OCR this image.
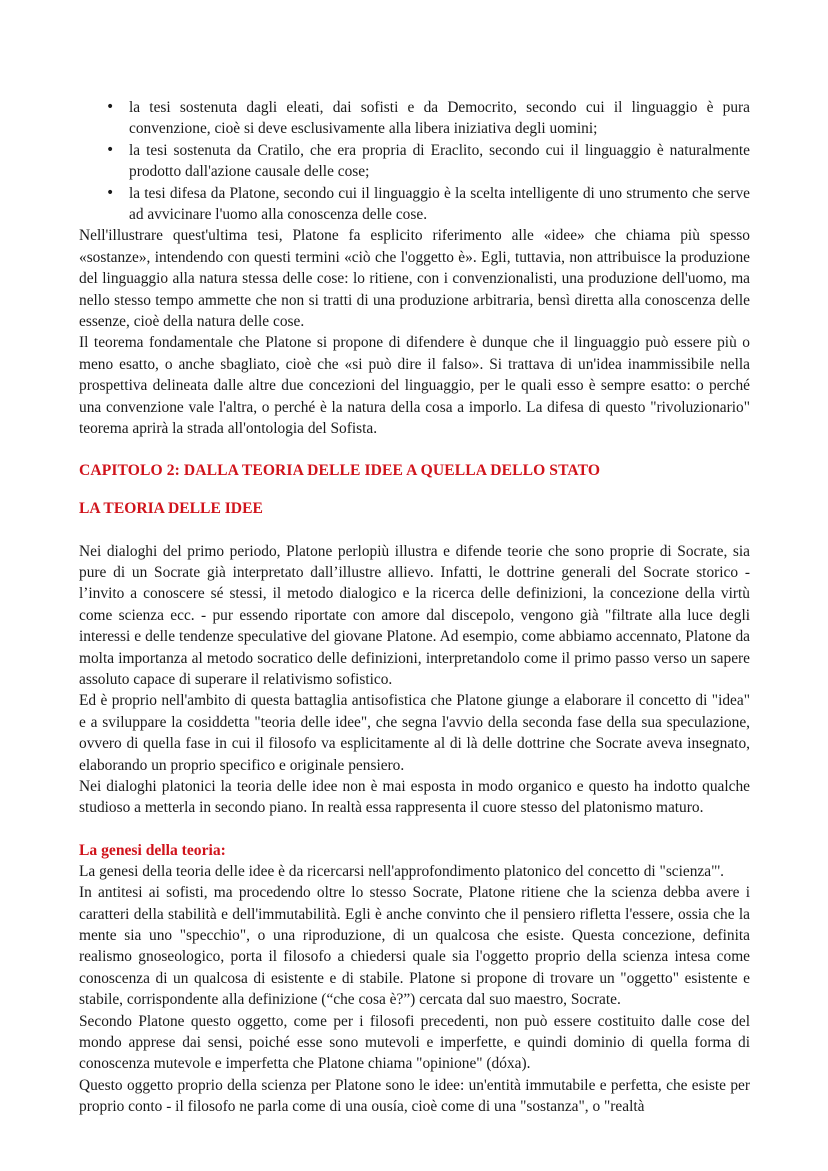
• la tesi sostenuta dagli eleati, dai sofisti e da Democrito, secondo cui il linguaggio è pura convenzione, cioè si deve esclusivamente alla libera iniziativa degli uomini;
• la tesi sostenuta da Cratilo, che era propria di Eraclito, secondo cui il linguaggio è naturalmente prodotto dall'azione causale delle cose;
• la tesi difesa da Platone, secondo cui il linguaggio è la scelta intelligente di uno strumento che serve ad avvicinare l'uomo alla conoscenza delle cose.

Nell'illustrare quest'ultima tesi, Platone fa esplicito riferimento alle «idee» che chiama più spesso «sostanze», intendendo con questi termini «ciò che l'oggetto è». Egli, tuttavia, non attribuisce la produzione del linguaggio alla natura stessa delle cose: lo ritiene, con i convenzionalisti, una produzione dell'uomo, ma nello stesso tempo ammette che non si tratti di una produzione arbitraria, bensì diretta alla conoscenza delle essenze, cioè della natura delle cose.

Il teorema fondamentale che Platone si propone di difendere è dunque che il linguaggio può essere più o meno esatto, o anche sbagliato, cioè che «si può dire il falso». Si trattava di un'idea inammissibile nella prospettiva delineata dalle altre due concezioni del linguaggio, per le quali esso è sempre esatto: o perché una convenzione vale l'altra, o perché è la natura della cosa a imporlo. La difesa di questo "rivoluzionario" teorema aprirà la strada all'ontologia del Sofista.

CAPITOLO 2: DALLA TEORIA DELLE IDEE A QUELLA DELLO STATO
LA TEORIA DELLE IDEE

Nei dialoghi del primo periodo, Platone perlopiù illustra e difende teorie che sono proprie di Socrate, sia pure di un Socrate già interpretato dall’illustre allievo. Infatti, le dottrine generali del Socrate storico - l’invito a conoscere sé stessi, il metodo dialogico e la ricerca delle definizioni, la concezione della virtù come scienza ecc. - pur essendo riportate con amore dal discepolo, vengono già "filtrate alla luce degli interessi e delle tendenze speculative del giovane Platone. Ad esempio, come abbiamo accennato, Platone da molta importanza al metodo socratico delle definizioni, interpretandolo come il primo passo verso un sapere assoluto capace di superare il relativismo sofistico.

Ed è proprio nell'ambito di questa battaglia antisofistica che Platone giunge a elaborare il concetto di "idea" e a sviluppare la cosiddetta "teoria delle idee", che segna l'avvio della seconda fase della sua speculazione, ovvero di quella fase in cui il filosofo va esplicitamente al di là delle dottrine che Socrate aveva insegnato, elaborando un proprio specifico e originale pensiero.

Nei dialoghi platonici la teoria delle idee non è mai esposta in modo organico e questo ha indotto qualche studioso a metterla in secondo piano. In realtà essa rappresenta il cuore stesso del platonismo maturo.

La genesi della teoria:

La genesi della teoria delle idee è da ricercarsi nell'approfondimento platonico del concetto di "scienza"'.

In antitesi ai sofisti, ma procedendo oltre lo stesso Socrate, Platone ritiene che la scienza debba avere i caratteri della stabilità e dell'immutabilità. Egli è anche convinto che il pensiero rifletta l'essere, ossia che la mente sia uno "specchio", o una riproduzione, di un qualcosa che esiste. Questa concezione, definita realismo gnoseologico, porta il filosofo a chiedersi quale sia l'oggetto proprio della scienza intesa come conoscenza di un qualcosa di esistente e di stabile. Platone si propone di trovare un "oggetto" esistente e stabile, corrispondente alla definizione (“che cosa è?”) cercata dal suo maestro, Socrate.

Secondo Platone questo oggetto, come per i filosofi precedenti, non può essere costituito dalle cose del mondo apprese dai sensi, poiché esse sono mutevoli e imperfette, e quindi dominio di quella forma di conoscenza mutevole e imperfetta che Platone chiama "opinione" (dóxa).

Questo oggetto proprio della scienza per Platone sono le idee: un'entità immutabile e perfetta, che esiste per proprio conto - il filosofo ne parla come di una ousía, cioè come di una "sostanza", o "realtà
